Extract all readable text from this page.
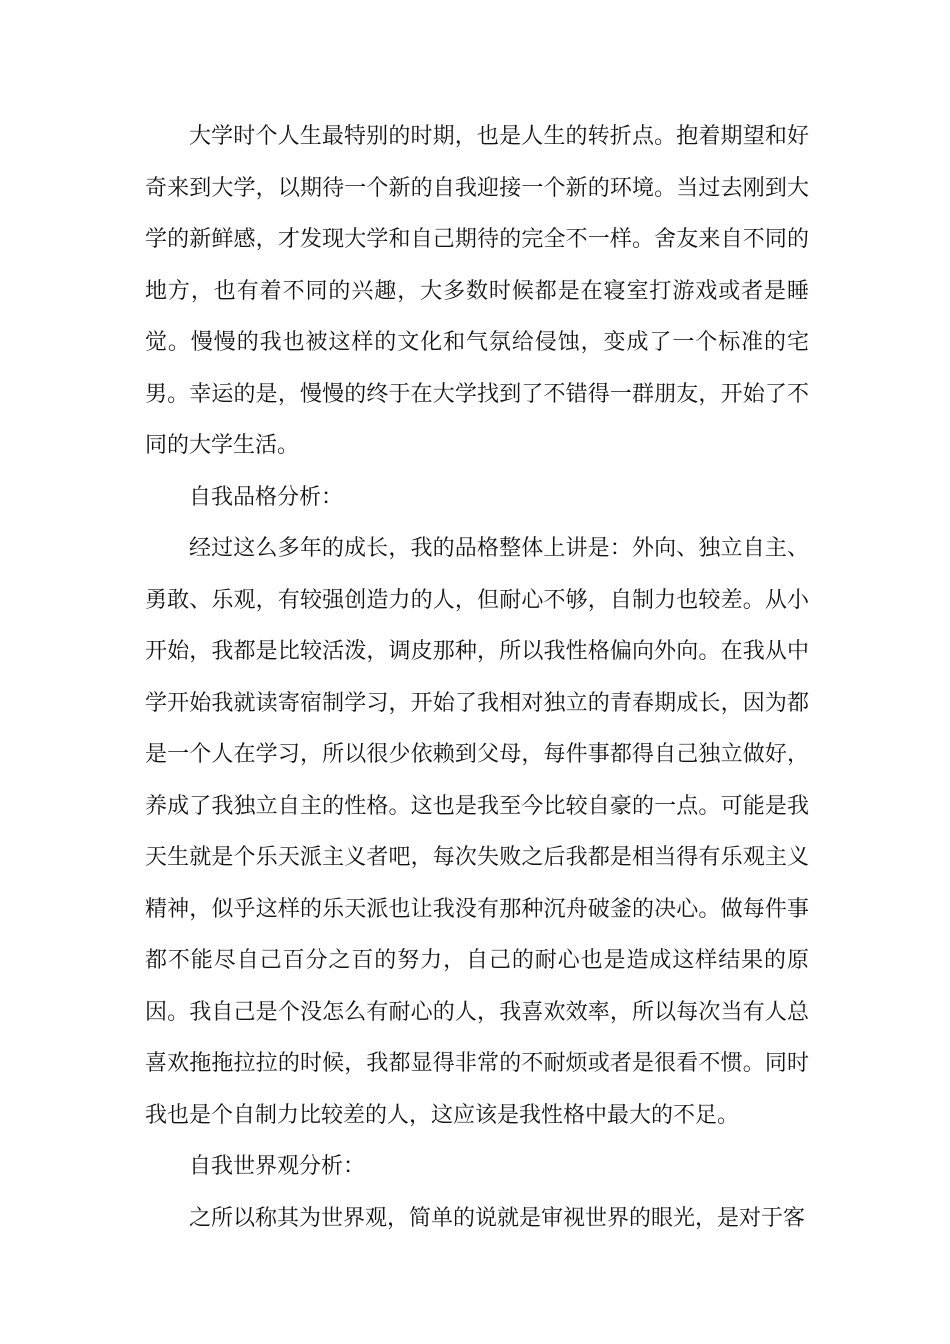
大学时个人生最特别的时期，也是人生的转折点。抱着期望和好奇来到大学，以期待一个新的自我迎接一个新的环境。当过去刚到大学的新鲜感，才发现大学和自己期待的完全不一样。舍友来自不同的地方，也有着不同的兴趣，大多数时候都是在寝室打游戏或者是睡觉。慢慢的我也被这样的文化和气氛给侵蚀，变成了一个标准的宅男。幸运的是，慢慢的终于在大学找到了不错得一群朋友，开始了不同的大学生活。

自我品格分析：

经过这么多年的成长，我的品格整体上讲是：外向、独立自主、勇敢、乐观，有较强创造力的人，但耐心不够，自制力也较差。从小开始，我都是比较活泼，调皮那种，所以我性格偏向外向。在我从中学开始我就读寄宿制学习，开始了我相对独立的青春期成长，因为都是一个人在学习，所以很少依赖到父母，每件事都得自己独立做好，养成了我独立自主的性格。这也是我至今比较自豪的一点。可能是我天生就是个乐天派主义者吧，每次失败之后我都是相当得有乐观主义精神，似乎这样的乐天派也让我没有那种沉舟破釜的决心。做每件事都不能尽自己百分之百的努力，自己的耐心也是造成这样结果的原因。我自己是个没怎么有耐心的人，我喜欢效率，所以每次当有人总喜欢拖拖拉拉的时候，我都显得非常的不耐烦或者是很看不惯。同时我也是个自制力比较差的人，这应该是我性格中最大的不足。

自我世界观分析：

之所以称其为世界观，简单的说就是审视世界的眼光，是对于客
